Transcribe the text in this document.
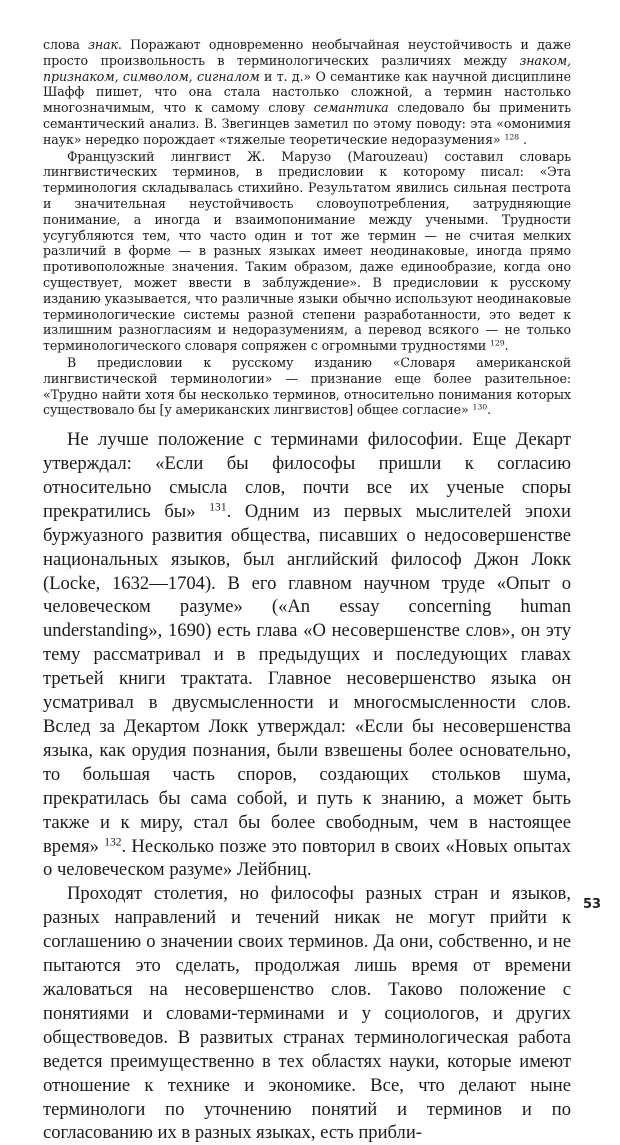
слова знак. Поражают одновременно необычайная неустойчивость и даже просто произвольность в терминологических различиях между знаком, признаком, символом, сигналом и т. д.» О семантике как научной дисциплине Шафф пишет, что она стала настолько сложной, а термин настолько многозначимым, что к самому слову семантика следовало бы применить семантический анализ. В. Звегинцев заметил по этому поводу: эта «омонимия наук» нередко порождает «тяжелые теоретические недоразумения» $^{128}$ .

Французский лингвист Ж. Марузо (Marouzeau) составил словарь лингвистических терминов, в предисловии к которому писал: «Эта терминология складывалась стихийно. Результатом явились сильная пестрота и значительная неустойчивость словоупотребления, затрудняющие понимание, а иногда и взаимопонимание между учеными. Трудности усугубляются тем, что часто один и тот же термин — не считая мелких различий в форме — в разных языках имеет неодинаковые, иногда прямо противоположные значения. Таким образом, даже единообразие, когда оно существует, может ввести в заблуждение». В предисловии к русскому изданию указывается, что различные языки обычно используют неодинаковые терминологические системы разной степени разработанности, это ведет к излишним разногласиям и недоразумениям, а перевод всякого — не только терминологического словаря сопряжен с огромными трудностями $^{129}$.

В предисловии к русскому изданию «Словаря американской лингвистической терминологии» — признание еще более разительное: «Трудно найти хотя бы несколько терминов, относительно понимания которых существовало бы [у американских лингвистов] общее согласие» $^{130}$.

Не лучше положение с терминами философии. Еще Декарт утверждал: «Если бы философы пришли к согласию относительно смысла слов, почти все их ученые споры прекратились бы» $^{131}$. Одним из первых мыслителей эпохи буржуазного развития общества, писавших о недосовершенстве национальных языков, был английский философ Джон Локк (Locke, 1632—1704). В его главном научном труде «Опыт о человеческом разуме» («An essay concerning human understanding», 1690) есть глава «О несовершенстве слов», он эту тему рассматривал и в предыдущих и последующих главах третьей книги трактата. Главное несовершенство языка он усматривал в двусмысленности и многосмысленности слов. Вслед за Декартом Локк утверждал: «Если бы несовершенства языка, как орудия познания, были взвешены более основательно, то большая часть споров, создающих стольков шума, прекратилась бы сама собой, и путь к знанию, а может быть также и к миру, стал бы более свободным, чем в настоящее время» $^{132}$. Несколько позже это повторил в своих «Новых опытах о человеческом разуме» Лейбниц.

Проходят столетия, но философы разных стран и языков, разных направлений и течений никак не могут прийти к соглашению о значении своих терминов. Да они, собственно, и не пытаются это сделать, продолжая лишь время от времени жаловаться на несовершенство слов. Таково положение с понятиями и словами-терминами и у социологов, и других обществоведов. В развитых странах терминологическая работа ведется преимущественно в тех областях науки, которые имеют отношение к технике и экономике. Все, что делают ныне терминологи по уточнению понятий и терминов и по согласованию их в разных языках, есть прибли-

53
